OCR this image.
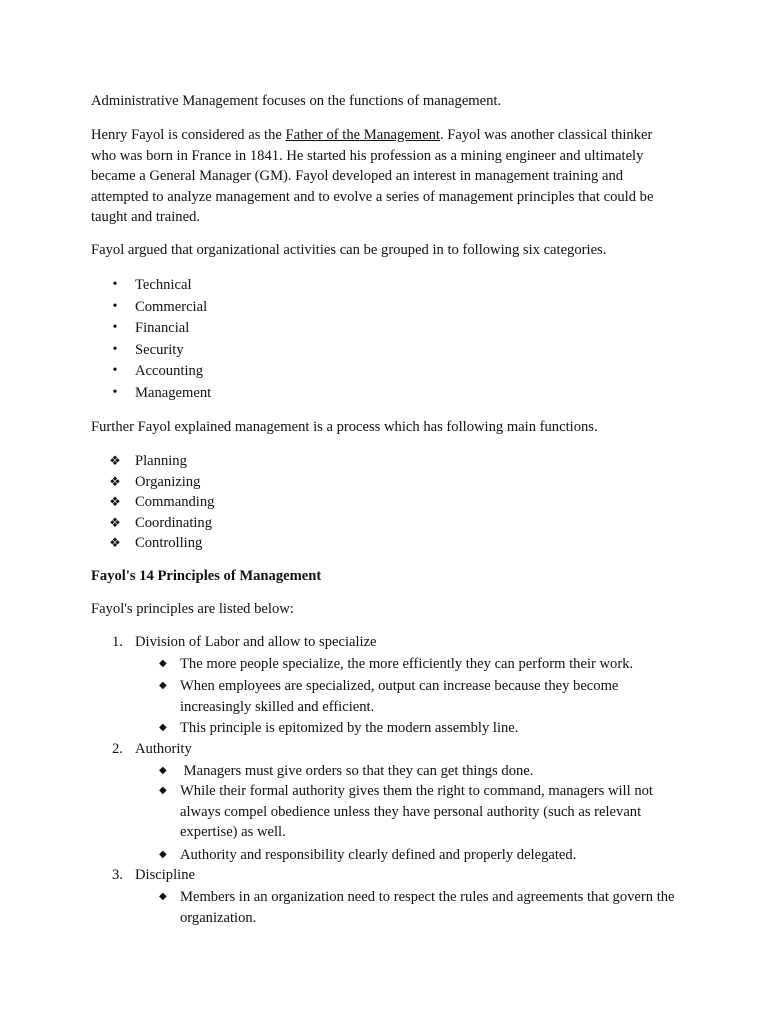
Administrative Management focuses on the functions of management.

Henry Fayol is considered as the Father of the Management. Fayol was another classical thinker who was born in France in 1841. He started his profession as a mining engineer and ultimately became a General Manager (GM). Fayol developed an interest in management training and attempted to analyze management and to evolve a series of management principles that could be taught and trained.

Fayol argued that organizational activities can be grouped in to following six categories.

• Technical
• Commercial
• Financial
• Security
• Accounting
• Management

Further Fayol explained management is a process which has following main functions.

❖ Planning
❖ Organizing
❖ Commanding
❖ Coordinating
❖ Controlling

Fayol's 14 Principles of Management

Fayol's principles are listed below:

1. Division of Labor and allow to specialize
◆ The more people specialize, the more efficiently they can perform their work.
◆ When employees are specialized, output can increase because they become increasingly skilled and efficient.
◆ This principle is epitomized by the modern assembly line.
2. Authority
◆ Managers must give orders so that they can get things done.
◆ While their formal authority gives them the right to command, managers will not always compel obedience unless they have personal authority (such as relevant expertise) as well.
◆ Authority and responsibility clearly defined and properly delegated.
3. Discipline
◆ Members in an organization need to respect the rules and agreements that govern the organization.
